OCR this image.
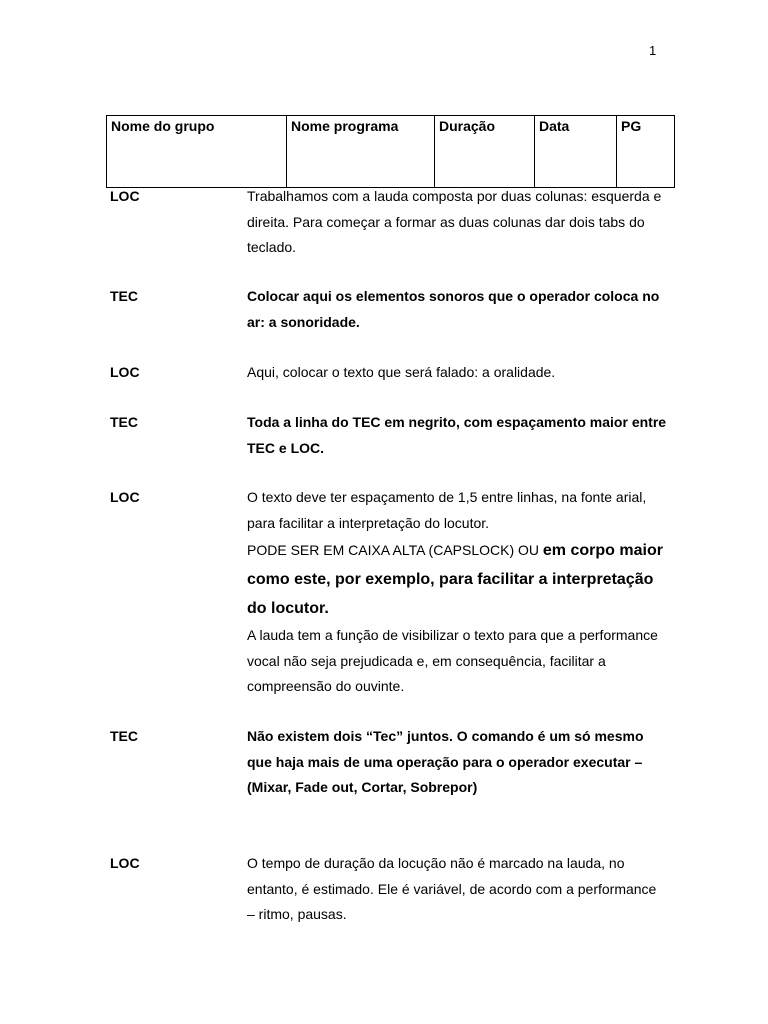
1
Nome do grupo	Nome programa	Duração	Data	PG
LOC	Trabalhamos com a lauda composta por duas colunas: esquerda e direita. Para começar a formar as duas colunas dar dois tabs do teclado.

TEC	Colocar aqui os elementos sonoros que o operador coloca no ar: a sonoridade.

LOC	Aqui, colocar o texto que será falado: a oralidade.

TEC	Toda a linha do TEC em negrito, com espaçamento maior entre TEC e LOC.

LOC	O texto deve ter espaçamento de 1,5 entre linhas, na fonte arial, para facilitar a interpretação do locutor.

PODE SER EM CAIXA ALTA (CAPSLOCK) OU em corpo maior como este, por exemplo, para facilitar a interpretação do locutor.

A lauda tem a função de visibilizar o texto para que a performance vocal não seja prejudicada e, em consequência, facilitar a compreensão do ouvinte.

TEC	Não existem dois “Tec” juntos. O comando é um só mesmo que haja mais de uma operação para o operador executar – (Mixar, Fade out, Cortar, Sobrepor)

LOC	O tempo de duração da locução não é marcado na lauda, no entanto, é estimado. Ele é variável, de acordo com a performance – ritmo, pausas.
